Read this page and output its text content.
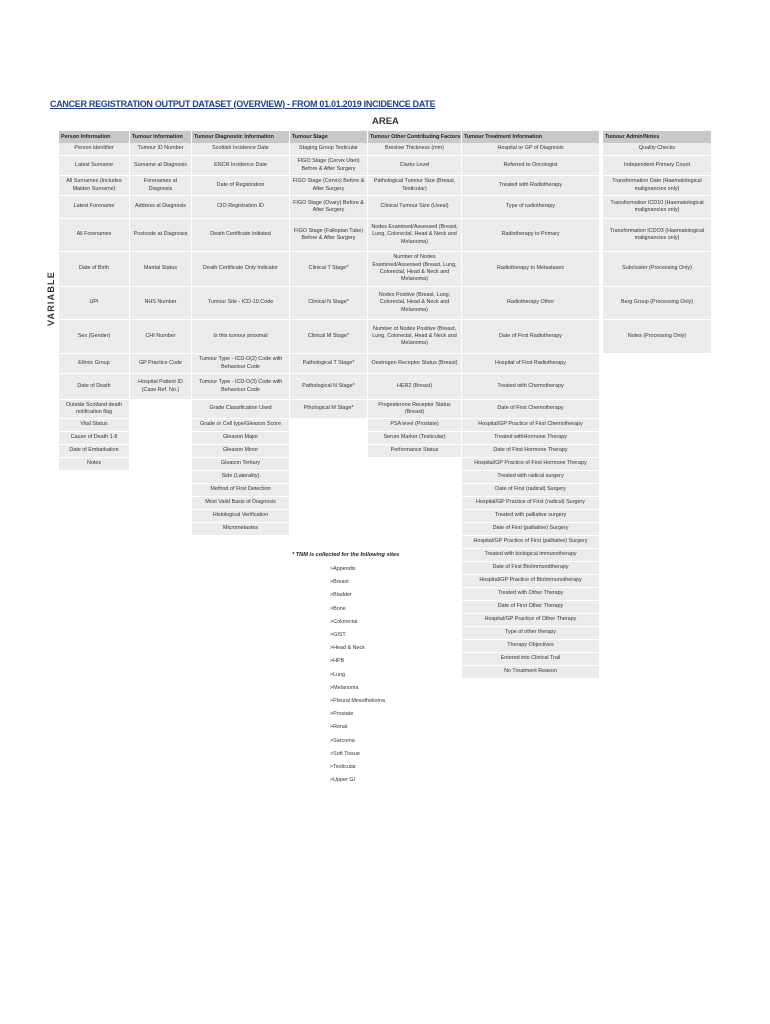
CANCER REGISTRATION OUTPUT DATASET (OVERVIEW) - FROM 01.01.2019 INCIDENCE DATE
AREA
VARIABLE
Person Information
Person Identifier
Latest Surname
All Surnames (Includes Maiden Surname)
Latest Forename
All Forenames
Date of Birth
UPI
Sex (Gender)
Ethnic Group
Date of Death
Outside Scotland death notification flag
Vital Status
Cause of Death 1-8
Date of Embarkation
Notes
Tumour Information
Tumour ID Number
Surname at Diagnosis
Forenames at Diagnosis
Address at Diagnosis
Postcode at Diagnosis
Marital Status
NHS Number
CHI Number
GP Practice Code
Hospital Patient ID (Case Ref. No.)
Tumour Diagnostic Information
Scottish Incidence Date
ENCR Incidence Date
Date of Registration
CIO Registration ID
Death Certificate Initiated
Death Certificate Only Indicator
Tumour Site - ICD-10 Code
Is this tumour proximal
Tumour Type - ICD-O(2) Code with Behaviour Code
Tumour Type - ICD-O(3) Code with Behaviour Code
Grade Classification Used
Grade or Cell type/Gleason Score
Gleason Major
Gleason Minor
Gleason Tertiary
Side (Laterality)
Method of First Detection
Most Valid Basis of Diagnosis
Histological Verification
Micrometastes
Tumour Stage
Staging Group Testicular
FIGO Stage (Cervix Uteri) Before & After Surgery
FIGO Stage (Cervix) Before & After Surgery
FIGO Stage (Ovary) Before & After Surgery
FIGO Stage (Fallopian Tube) Before & After Surgery
Clinical T Stage*
Clinical N Stage*
Clinical M Stage*
Pathological T Stage*
Pathological N Stage*
Pthological M Stage*
Tumour Other Contributing Factors
Breslow Thickness (mm)
Clarks Level
Pathological Tumour Size (Breast, Testicular)
Clinical Tumour Size (Uveal)
Nodes Examined/Assessed (Breast, Lung, Colorectal, Head & Neck and Melanoma)
Number of Nodes Examined/Assessed (Breast, Lung, Colorectal, Head & Neck and Melanoma)
Nodes Positive (Breast, Lung, Colorectal, Head & Neck and Melanoma)
Number of Nodes Positive (Breast, Lung, Colorectal, Head & Neck and Melanoma)
Oestrogen Receptor Status (Breast)
HER2 (Breast)
Progesterone Receptor Status (Breast)
PSA level (Prostate)
Serum Marker (Testicular)
Performance Status
Tumour Treatment Information
Hospital or GP of Diagnosis
Referred to Oncologist
Treated with Radiotherapy
Type of radiotherapy
Radiotherapy to Primary
Radiotherapy to Metastases
Radiotherapy Other
Date of First Radiotherapy
Hospital of First Radiotherapy
Treated with Chemotherapy
Date of First Chemotherapy
Hospital/GP Practice of First Chemotherapy
Treated withHormone Therapy
Date of First Hormone Therapy
Hospital/GP Practice of First Hormone Therapy
Treated with radical surgery
Date of First (radical) Surgery
Hospital/GP Practice of First (radical) Surgery
Treated with palliative surgery
Date of First (palliative) Surgery
Hospital/GP Practice of First (palliative) Surgery
Treated with biological immunotherapy
Date of First BioImmundtherapy
Hospital/GP Practice of BioImmunotherapy
Treated with Other Therapy
Date of First Other Therapy
Hospital/GP Practice of Other Therapy
Type of other therapy
Therapy Objectives
Entered into Clinical Trail
No Treatment Reason
Tumour Admin/Notes
Quality Checks
Independent Primary Count
Transformation Date (Haematological malignancies only)
Transformation ICD10 (Haematological malignancies only)
Transformation ICDO3 (Haematological malignancies only)
Subcluster (Processing Only)
Berg Group (Processing Only)
Notes (Processing Only)
* TNM is collected for the following sites
>Appendix
>Breast
>Bladder
>Bone
>Colorectal
>GIST
>Head & Neck
>HPB
>Lung
>Melanoma
>Pleural Mesothelioma
>Prostate
>Renal
>Sarcoma
>Soft Tissue
>Testicular
>Upper GI
